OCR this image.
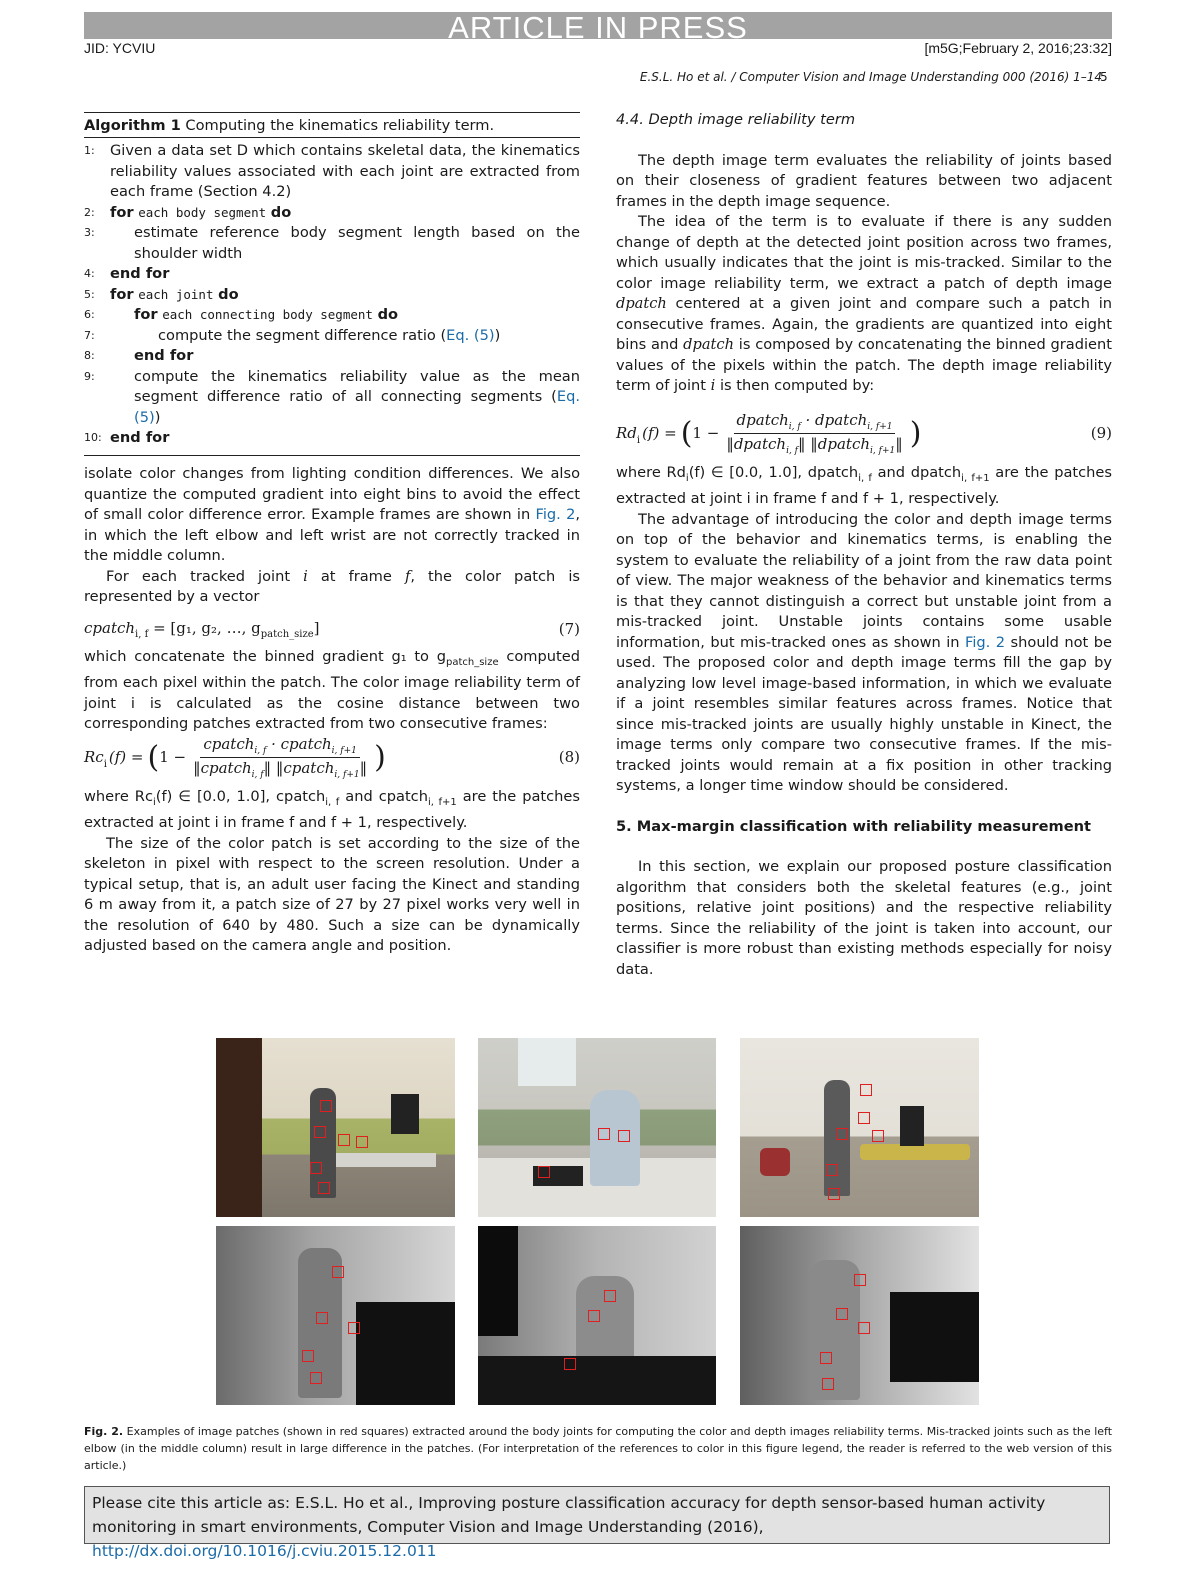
ARTICLE IN PRESS
JID: YCVIU	[m5G;February 2, 2016;23:32]
E.S.L. Ho et al. / Computer Vision and Image Understanding 000 (2016) 1–14
5
Algorithm 1 Computing the kinematics reliability term.
1:	Given a data set D which contains skeletal data, the kinematics reliability values associated with each joint are extracted from each frame (Section 4.2)
2:	for each body segment do
3:	estimate reference body segment length based on the shoulder width
4:	end for
5:	for each joint do
6:	for each connecting body segment do
7:	compute the segment difference ratio (Eq. (5))
8:	end for
9:	compute the kinematics reliability value as the mean segment difference ratio of all connecting segments (Eq. (5))
10: end for

isolate color changes from lighting condition differences. We also quantize the computed gradient into eight bins to avoid the effect of small color difference error. Example frames are shown in Fig. 2, in which the left elbow and left wrist are not correctly tracked in the middle column.

For each tracked joint i at frame f, the color patch is represented by a vector

cpatch$_{i, f}$ = [g₁, g₂, …, $g_{patch\_size}$]	(7)

which concatenate the binned gradient g₁ to $g_{patch\_size}$ computed from each pixel within the patch. The color image reliability term of joint i is calculated as the cosine distance between two corresponding patches extracted from two consecutive frames:

$Rc_i$ (f) = ( $1 - \frac{cpatch_{i, f} \cdot cpatch_{i, f+1}}{‖cpatch_{i, f}‖ ‖cpatch_{i, f+1}‖}$ )	(8)

where $Rc_i(f)$ ∈ [0.0, 1.0], cpatch$_{i, f}$ and cpatch$_{i, f+1}$ are the patches extracted at joint i in frame f and f + 1, respectively.

The size of the color patch is set according to the size of the skeleton in pixel with respect to the screen resolution. Under a typical setup, that is, an adult user facing the Kinect and standing 6 m away from it, a patch size of 27 by 27 pixel works very well in the resolution of 640 by 480. Such a size can be dynamically adjusted based on the camera angle and position.

4.4. Depth image reliability term

The depth image term evaluates the reliability of joints based on their closeness of gradient features between two adjacent frames in the depth image sequence.

The idea of the term is to evaluate if there is any sudden change of depth at the detected joint position across two frames, which usually indicates that the joint is mis-tracked. Similar to the color image reliability term, we extract a patch of depth image dpatch centered at a given joint and compare such a patch in consecutive frames. Again, the gradients are quantized into eight bins and dpatch is composed by concatenating the binned gradient values of the pixels within the patch. The depth image reliability term of joint i is then computed by:

$Rd_i$ (f) = ( $1 - \frac{dpatch_{i, f} \cdot dpatch_{i, f+1}}{‖dpatch_{i, f}‖ ‖dpatch_{i, f+1}‖}$ )	(9)

where $Rd_i(f)$ ∈ [0.0, 1.0], dpatch$_{i, f}$ and dpatch$_{i, f+1}$ are the patches extracted at joint i in frame f and f + 1, respectively.

The advantage of introducing the color and depth image terms on top of the behavior and kinematics terms, is enabling the system to evaluate the reliability of a joint from the raw data point of view. The major weakness of the behavior and kinematics terms is that they cannot distinguish a correct but unstable joint from a mis-tracked joint. Unstable joints contains some usable information, but mis-tracked ones as shown in Fig. 2 should not be used. The proposed color and depth image terms fill the gap by analyzing low level image-based information, in which we evaluate if a joint resembles similar features across frames. Notice that since mis-tracked joints are usually highly unstable in Kinect, the image terms only compare two consecutive frames. If the mis-tracked joints would remain at a fix position in other tracking systems, a longer time window should be considered.

5. Max-margin classification with reliability measurement

In this section, we explain our proposed posture classification algorithm that considers both the skeletal features (e.g., joint positions, relative joint positions) and the respective reliability terms. Since the reliability of the joint is taken into account, our classifier is more robust than existing methods especially for noisy data.

Fig. 2. Examples of image patches (shown in red squares) extracted around the body joints for computing the color and depth images reliability terms. Mis-tracked joints such as the left elbow (in the middle column) result in large difference in the patches. (For interpretation of the references to color in this figure legend, the reader is referred to the web version of this article.)
Please cite this article as: E.S.L. Ho et al., Improving posture classification accuracy for depth sensor-based human activity monitoring in smart environments, Computer Vision and Image Understanding (2016), http://dx.doi.org/10.1016/j.cviu.2015.12.011
